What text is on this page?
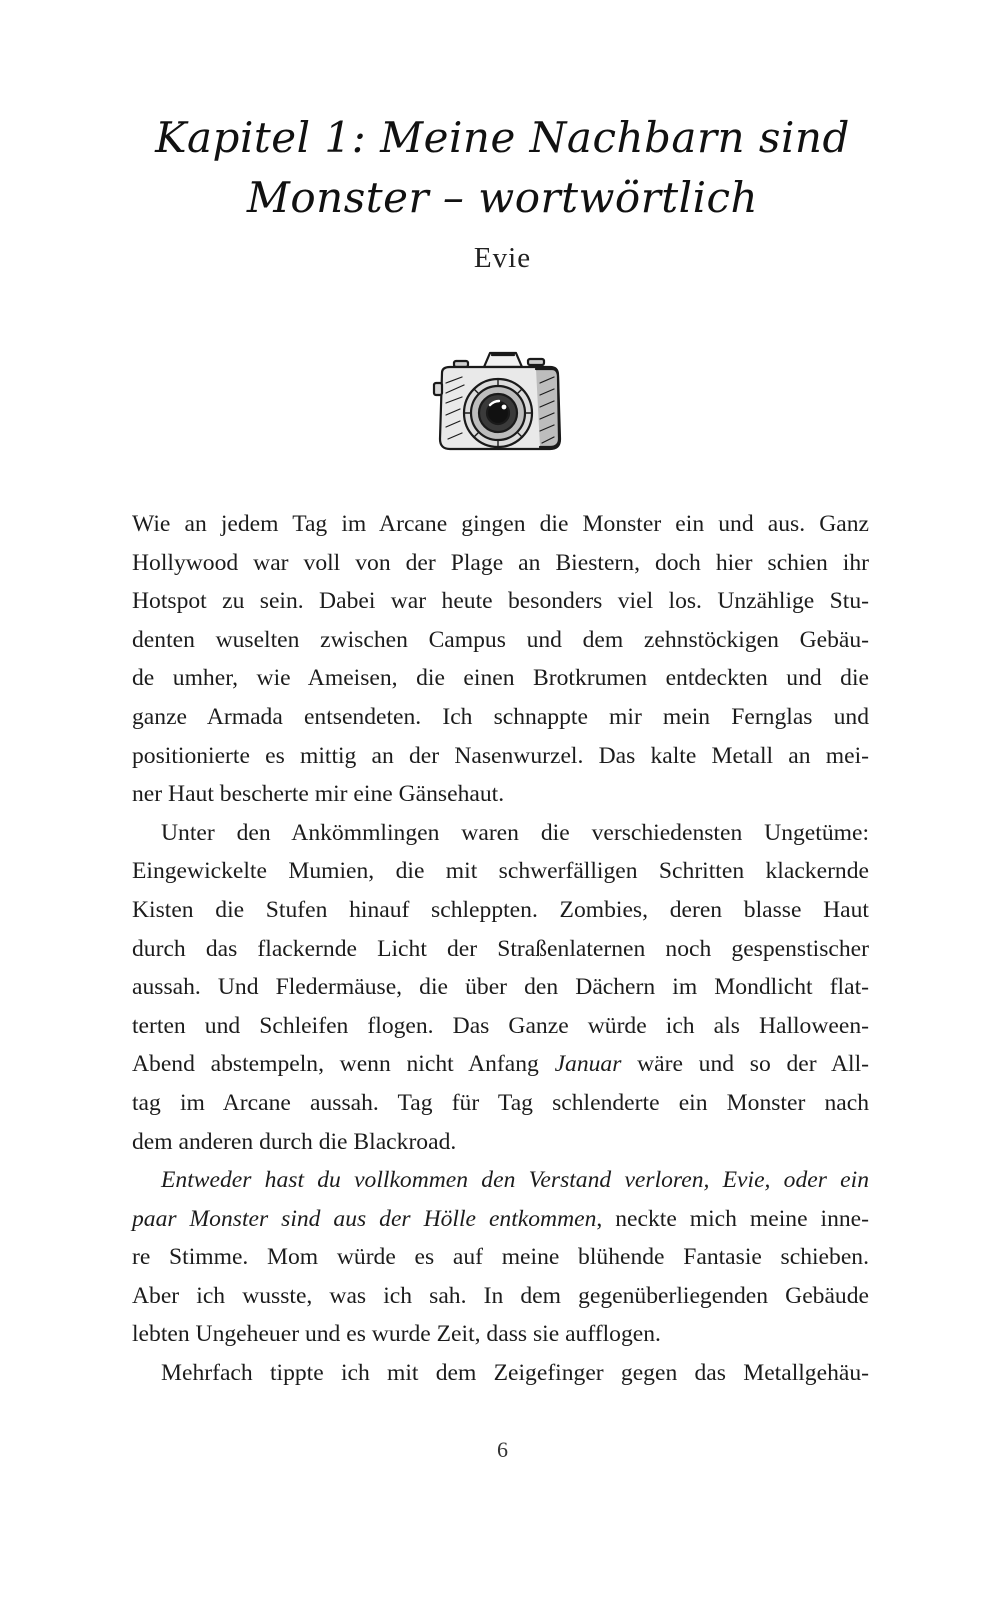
Kapitel 1: Meine Nachbarn sind
Monster – wortwörtlich
Evie
Wie an jedem Tag im Arcane gingen die Monster ein und aus. Ganz
Hollywood war voll von der Plage an Biestern, doch hier schien ihr
Hotspot zu sein. Dabei war heute besonders viel los. Unzählige Stu-
denten wuselten zwischen Campus und dem zehnstöckigen Gebäu-
de umher, wie Ameisen, die einen Brotkrumen entdeckten und die
ganze Armada entsendeten. Ich schnappte mir mein Fernglas und
positionierte es mittig an der Nasenwurzel. Das kalte Metall an mei-
ner Haut bescherte mir eine Gänsehaut.
Unter den Ankömmlingen waren die verschiedensten Ungetüme:
Eingewickelte Mumien, die mit schwerfälligen Schritten klackernde
Kisten die Stufen hinauf schleppten. Zombies, deren blasse Haut
durch das flackernde Licht der Straßenlaternen noch gespenstischer
aussah. Und Fledermäuse, die über den Dächern im Mondlicht flat-
terten und Schleifen flogen. Das Ganze würde ich als Halloween-
Abend abstempeln, wenn nicht Anfang Januar wäre und so der All-
tag im Arcane aussah. Tag für Tag schlenderte ein Monster nach
dem anderen durch die Blackroad.
Entweder hast du vollkommen den Verstand verloren, Evie, oder ein
paar Monster sind aus der Hölle entkommen, neckte mich meine inne-
re Stimme. Mom würde es auf meine blühende Fantasie schieben.
Aber ich wusste, was ich sah. In dem gegenüberliegenden Gebäude
lebten Ungeheuer und es wurde Zeit, dass sie aufflogen.
Mehrfach tippte ich mit dem Zeigefinger gegen das Metallgehäu-
6
